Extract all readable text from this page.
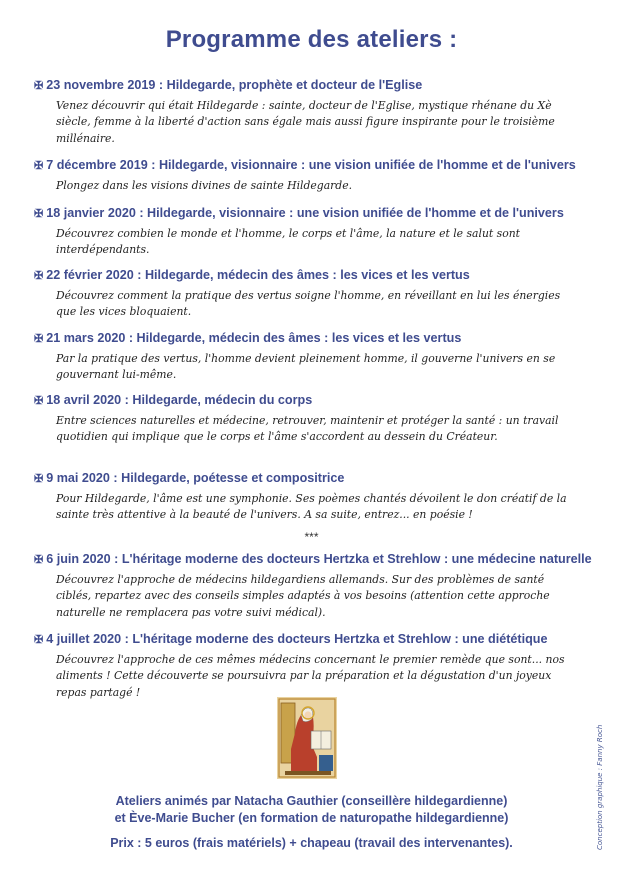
Programme des ateliers :
✠ 23 novembre 2019 : Hildegarde, prophète et docteur de l'Eglise
Venez découvrir qui était Hildegarde : sainte, docteur de l'Eglise, mystique rhénane du Xè siècle, femme à la liberté d'action sans égale mais aussi figure inspirante pour le troisième millénaire.
✠ 7 décembre 2019 : Hildegarde, visionnaire : une vision unifiée de l'homme et de l'univers
Plongez dans les visions divines de sainte Hildegarde.
✠ 18 janvier 2020 : Hildegarde, visionnaire : une vision unifiée de l'homme et de l'univers
Découvrez combien le monde et l'homme, le corps et l'âme, la nature et le salut sont interdépendants.
✠ 22 février 2020 : Hildegarde, médecin des âmes : les vices et les vertus
Découvrez comment la pratique des vertus soigne l'homme, en réveillant en lui les énergies que les vices bloquaient.
✠ 21 mars 2020 : Hildegarde, médecin des âmes : les vices et les vertus
Par la pratique des vertus, l'homme devient pleinement homme, il gouverne l'univers en se gouvernant lui-même.
✠ 18 avril 2020 : Hildegarde, médecin du corps
Entre sciences naturelles et médecine, retrouver, maintenir et protéger la santé : un travail quotidien qui implique que le corps et l'âme s'accordent au dessein du Créateur.
✠ 9 mai 2020 : Hildegarde, poétesse et compositrice
Pour Hildegarde, l'âme est une symphonie. Ses poèmes chantés dévoilent le don créatif de la sainte très attentive à la beauté de l'univers. A sa suite, entrez... en poésie !
✠ 6 juin 2020 : L'héritage moderne des docteurs Hertzka et Strehlow : une médecine naturelle
Découvrez l'approche de médecins hildegardiens allemands. Sur des problèmes de santé ciblés, repartez avec des conseils simples adaptés à vos besoins (attention cette approche naturelle ne remplacera pas votre suivi médical).
✠ 4 juillet 2020 : L'héritage moderne des docteurs Hertzka et Strehlow : une diététique
Découvrez l'approche de ces mêmes médecins concernant le premier remède que sont... nos aliments ! Cette découverte se poursuivra par la préparation et la dégustation d'un joyeux repas partagé !
***
Ateliers animés par Natacha Gauthier (conseillère hildegardienne)
et Ève-Marie Bucher (en formation de naturopathe hildegardienne)
Prix : 5 euros (frais matériels) + chapeau (travail des intervenantes).	Conception graphique : Fanny Roch
